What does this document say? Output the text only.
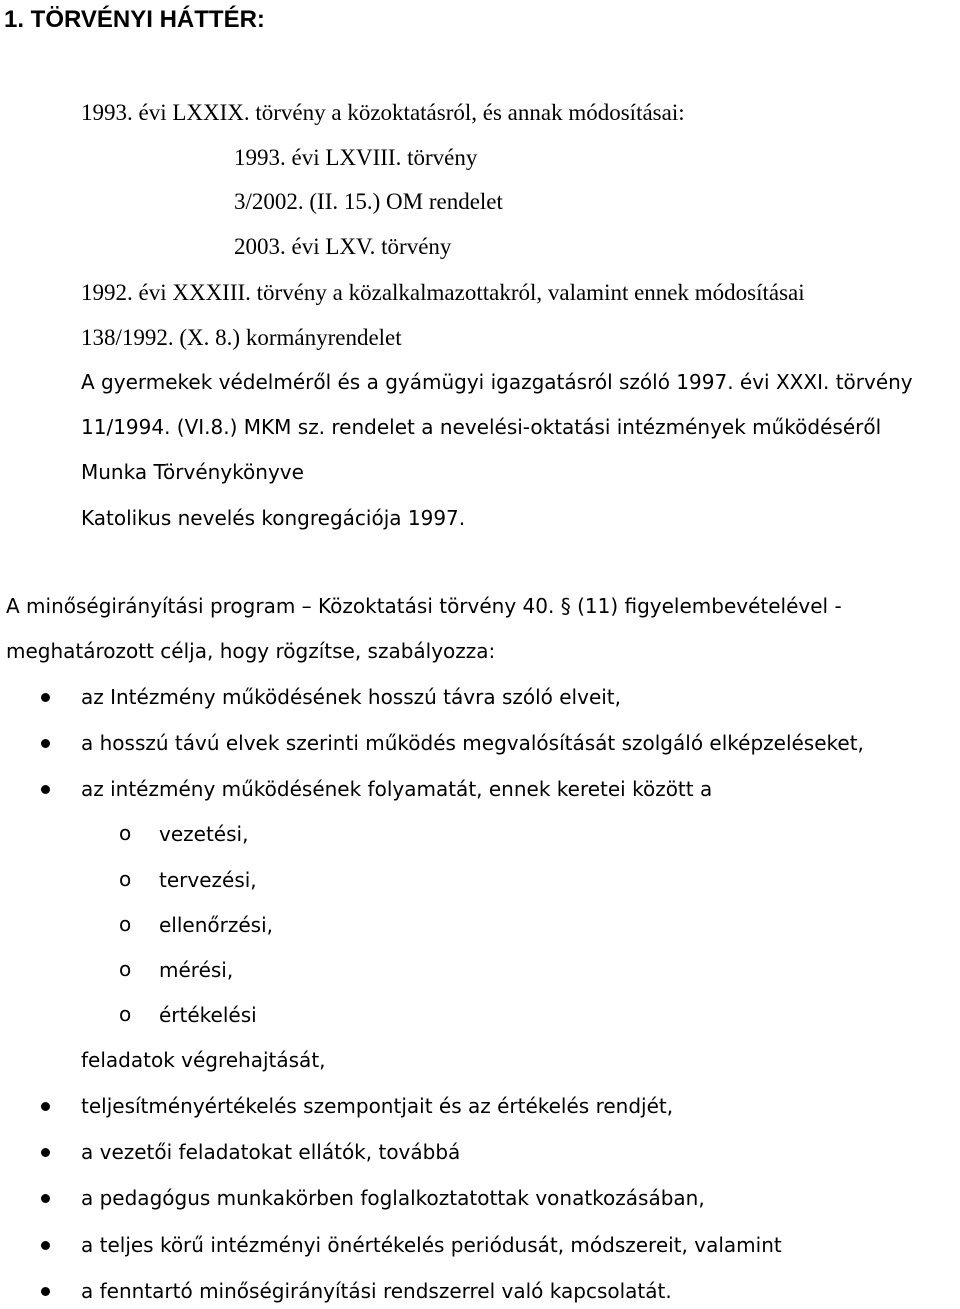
1. TÖRVÉNYI HÁTTÉR:
1993. évi LXXIX. törvény a közoktatásról, és annak módosításai:
1993. évi LXVIII. törvény
3/2002. (II. 15.) OM rendelet
2003. évi LXV. törvény
1992. évi XXXIII. törvény a közalkalmazottakról, valamint ennek módosításai
138/1992. (X. 8.) kormányrendelet
A gyermekek védelméről és a gyámügyi igazgatásról szóló 1997. évi XXXI. törvény
11/1994. (VI.8.) MKM sz. rendelet a nevelési-oktatási intézmények működéséről
Munka Törvénykönyve
Katolikus nevelés kongregációja 1997.
A minőségirányítási program – Közoktatási törvény 40. § (11) figyelembevételével -
meghatározott célja, hogy rögzítse, szabályozza:
az Intézmény működésének hosszú távra szóló elveit,
a hosszú távú elvek szerinti működés megvalósítását szolgáló elképzeléseket,
az intézmény működésének folyamatát, ennek keretei között a
o vezetési,
o tervezési,
o ellenőrzési,
o mérési,
o értékelési
feladatok végrehajtását,
teljesítményértékelés szempontjait és az értékelés rendjét,
a vezetői feladatokat ellátók, továbbá
a pedagógus munkakörben foglalkoztatottak vonatkozásában,
a teljes körű intézményi önértékelés periódusát, módszereit, valamint
a fenntartó minőségirányítási rendszerrel való kapcsolatát.
